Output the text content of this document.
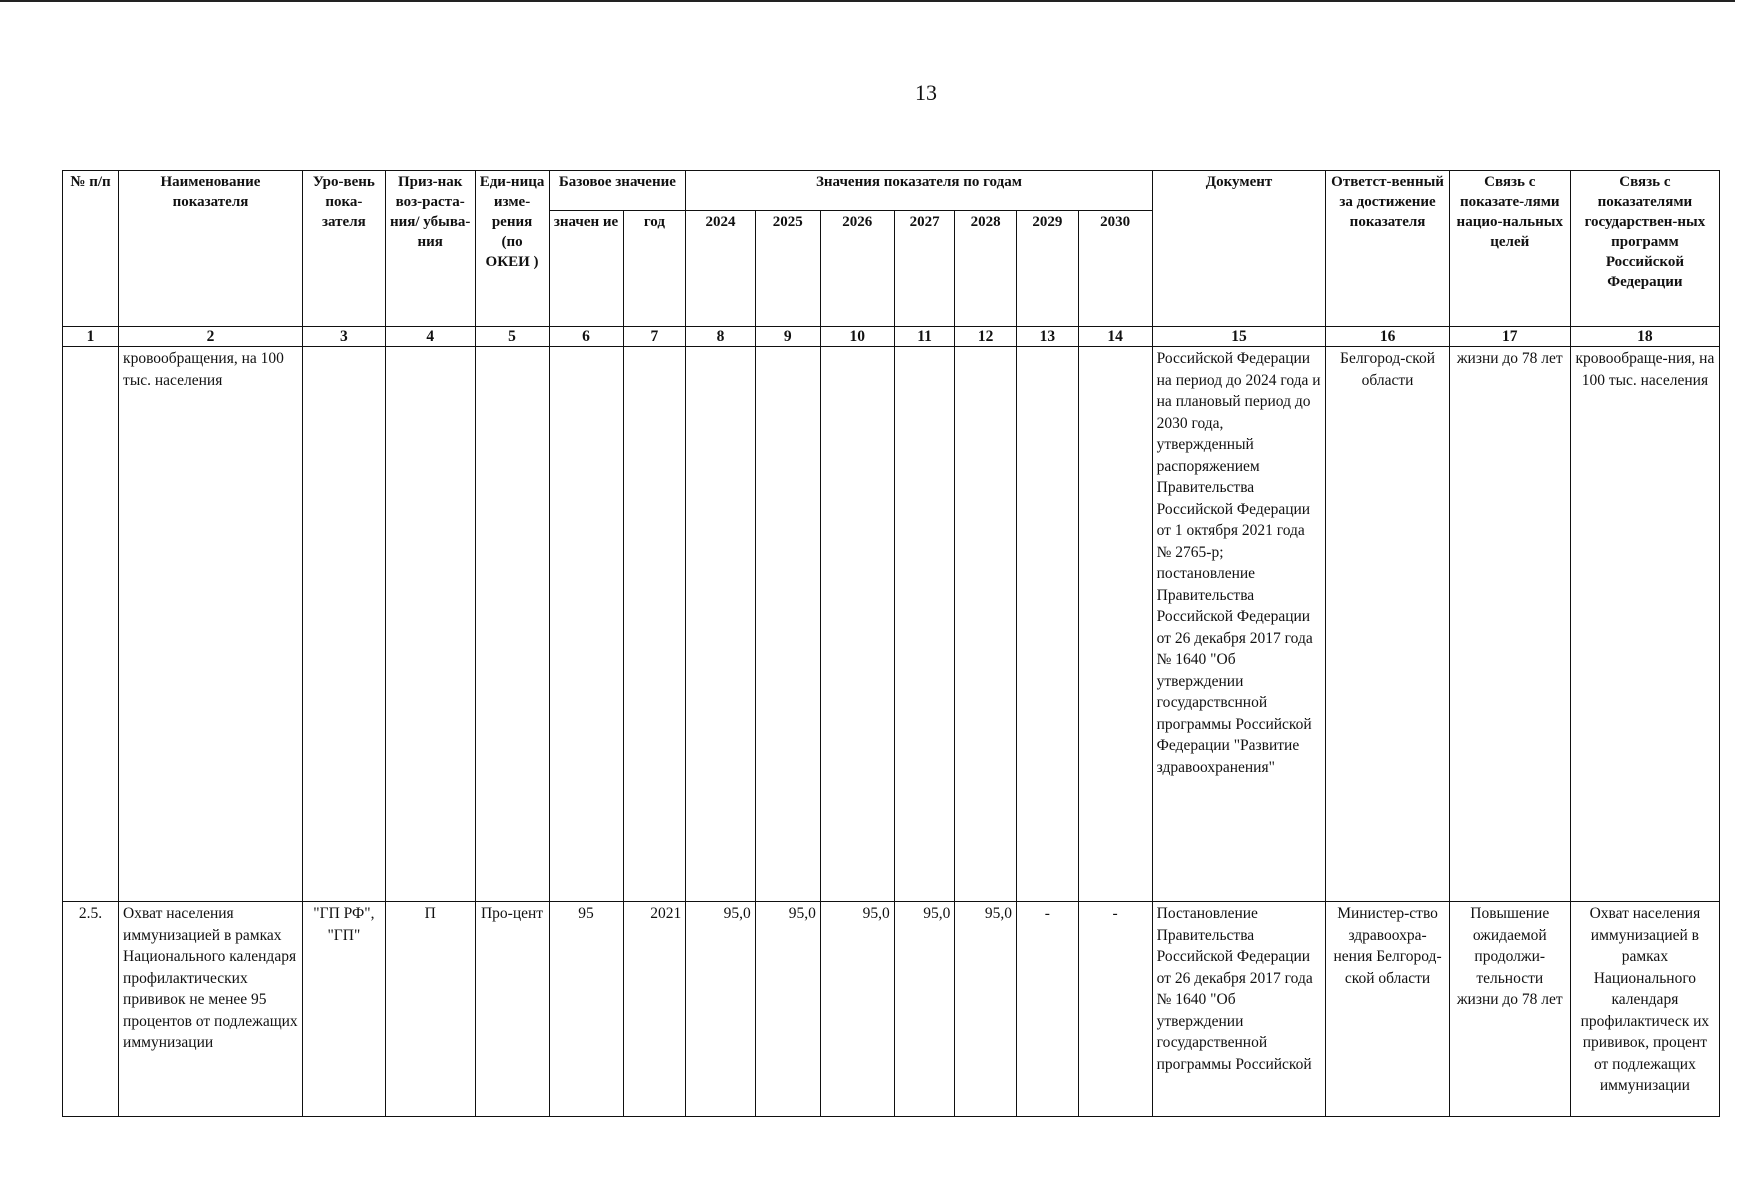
13
№ п/п	Наименование показателя	Уро-вень пока-зателя	Приз-нак воз-раста-ния/ убыва-ния	Еди-ница изме-рения (по ОКЕИ )	Базовое значение		Значения показателя по годам							Документ	Ответст-венный за достижение показателя	Связь с показате-лями нацио-нальных целей	Связь с показателями государствен-ных программ Российской Федерации
					значен ие	год	2024	2025	2026	2027	2028	2029	2030				
1	2	3	4	5	6	7	8	9	10	11	12	13	14	15	16	17	18
	кровообращения, на 100 тыс. населения													Российской Федерации на период до 2024 года и на плановый период до 2030 года, утвержденный распоряжением Правительства Российской Федерации от 1 октября 2021 года № 2765-р; постановление Правительства Российской Федерации от 26 декабря 2017 года № 1640 "Об утверждении государствснной программы Российской Федерации "Развитие здравоохранения"	Белгород-ской области	жизни до 78 лет	кровообраще-ния, на 100 тыс. населения
2.5.	Охват населения иммунизацией в рамках Национального календаря профилактических прививок не менее 95 процентов от подлежащих иммунизации	"ГП РФ", "ГП"	П	Про-цент	95	2021	95,0	95,0	95,0	95,0	95,0	-	-	Постановление Правительства Российской Федерации от 26 декабря 2017 года № 1640 "Об утверждении государственной программы Российской	Министер-ство здравоохра-нения Белгород-ской области	Повышение ожидаемой продолжи-тельности жизни до 78 лет	Охват населения иммунизацией в рамках Национального календаря профилактическ их прививок, процент от подлежащих иммунизации
